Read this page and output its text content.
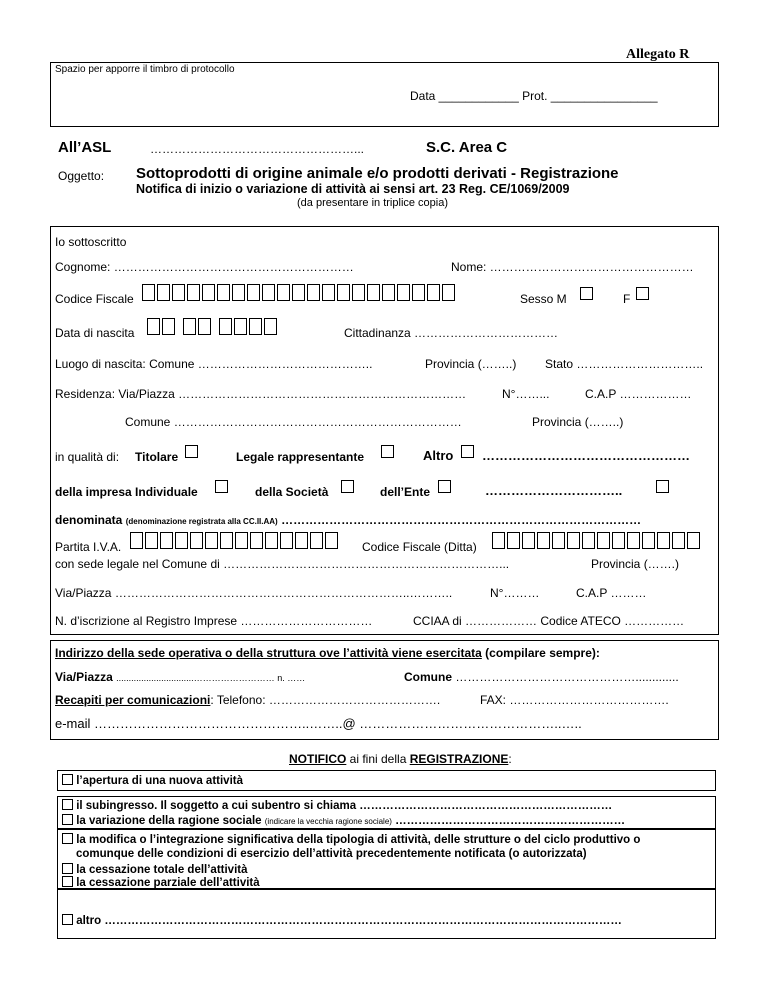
Allegato R
Spazio per apporre il timbro di protocollo
Data ____________ Prot. ________________
All’ASL	……………………………………………...	S.C. Area C
Oggetto: Sottoprodotti di origine animale e/o prodotti derivati - Registrazione
Notifica di inizio o variazione di attività ai sensi art. 23 Reg. CE/1069/2009
(da presentare in triplice copia)
Io sottoscritto
Cognome: ……………………………………………………	Nome: ……………………………………………
Codice Fiscale	Sesso M	F
Data di nascita	Cittadinanza ………………………………
Luogo di nascita: Comune ……………………………………..	Provincia (……..) Stato …………………………..
Residenza: Via/Piazza ………………………………………………………………	N°……...	C.A.P ………………
Comune ………………………………………………………………	Provincia (……..)
in qualità di: Titolare	Legale rappresentante	Altro …………………………………………
della impresa Individuale	della Società	dell’Ente	…………………………..
denominata (denominazione registrata alla CC.II.AA) ………………………………………………………………………………
Partita I.V.A.	Codice Fiscale (Ditta)
con sede legale nel Comune di ……………………………………………………………...	Provincia (…….)
Via/Piazza ………………………………………………………………..………..	N°………	C.A.P ………
N. d’iscrizione al Registro Imprese ……………………………	CCIAA di ……………… Codice ATECO ……………
Indirizzo della sede operativa o della struttura ove l’attività viene esercitata (compilare sempre):
Via/Piazza ...............................……………………… n. ……	Comune ……………………………………….............
Recapiti per comunicazioni: Telefono: …………………………………….	FAX: ………………………………….
e-mail …………………………………………..……..@ ………………………………………..…..
NOTIFICO ai fini della REGISTRAZIONE:
l’apertura di una nuova attività
il subingresso. Il soggetto a cui subentro si chiama …………………………………………………………
la variazione della ragione sociale (indicare la vecchia ragione sociale) ……………………………………………………
la modifica o l’integrazione significativa della tipologia di attività, delle strutture o del ciclo produttivo o
comunque delle condizioni di esercizio dell’attività precedentemente notificata (o autorizzata)
la cessazione totale dell’attività
la cessazione parziale dell’attività
altro ………………………………………………………………………………………………………………………
